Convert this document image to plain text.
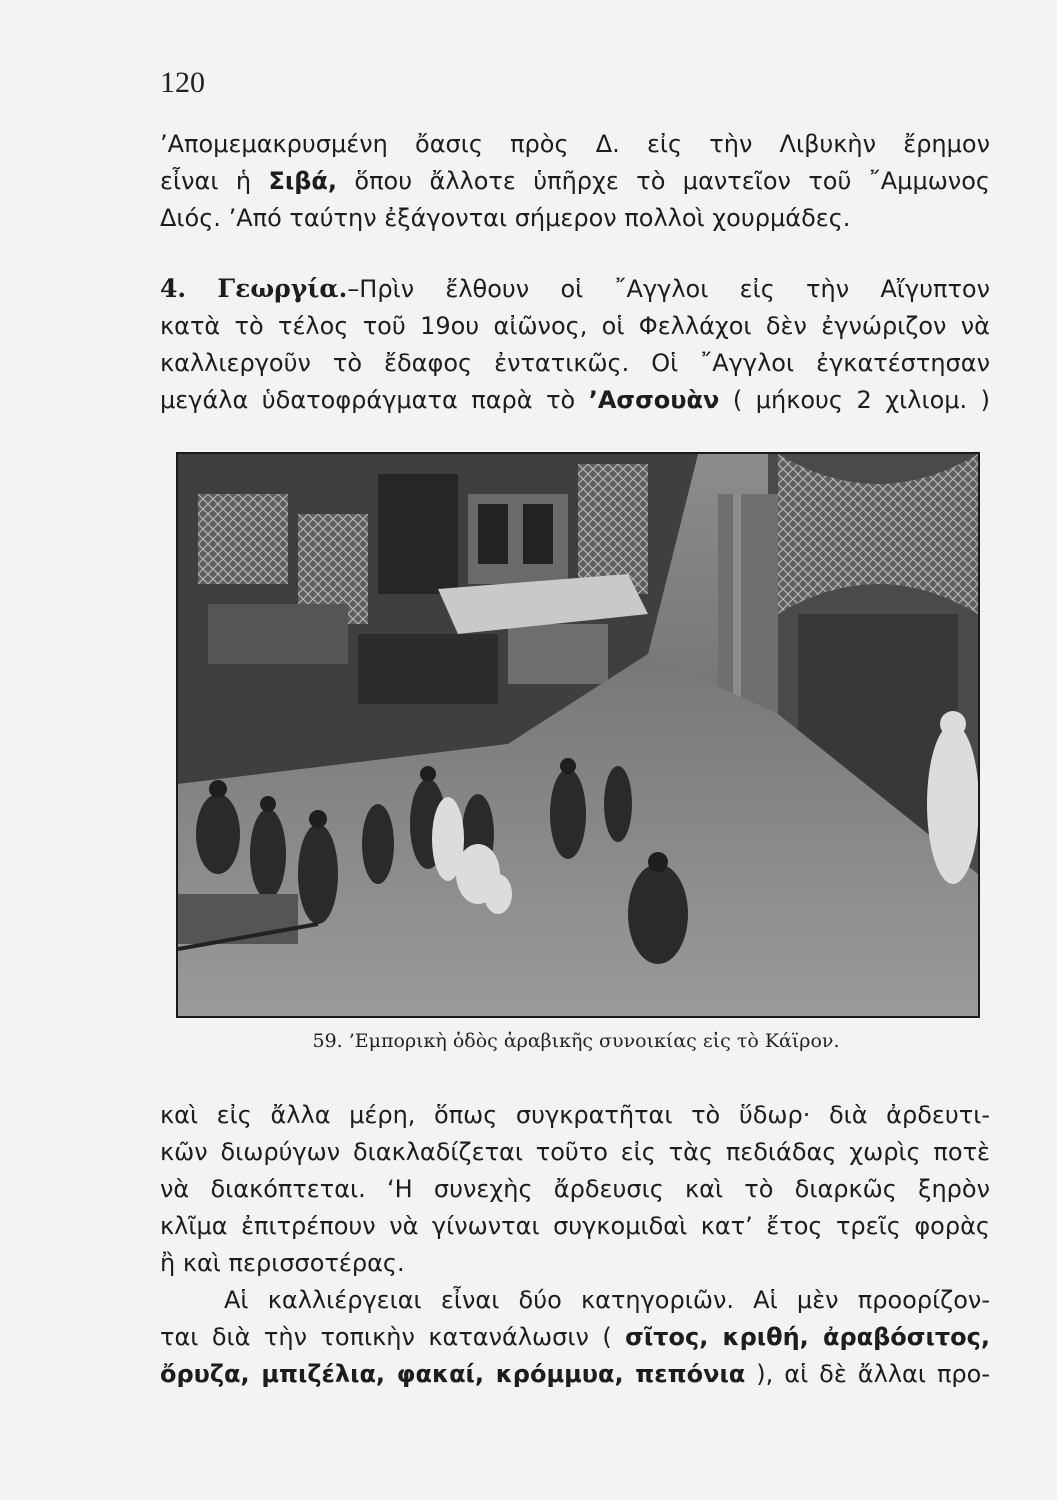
120
’Απομεμακρυσμένη ὄασις πρὸς Δ. εἰς τὴν Λιβυκὴν ἔρημον
εἶναι ἡ Σιβά, ὅπου ἄλλοτε ὑπῆρχε τὸ μαντεῖον τοῦ ῎Αμμωνος
Διός. ’Από ταύτην ἐξάγονται σήμερον πολλοὶ χουρμάδες.
4. Γεωργία.–Πρὶν ἔλθουν οἱ ῎Αγγλοι εἰς τὴν Αἴγυπτον
κατὰ τὸ τέλος τοῦ 19ου αἰῶνος, οἱ Φελλάχοι δὲν ἐγνώριζον νὰ
καλλιεργοῦν τὸ ἔδαφος ἐντατικῶς. Οἱ ῎Αγγλοι ἐγκατέστησαν
μεγάλα ὑδατοφράγματα παρὰ τὸ ’Ασσουὰν ( μήκους 2 χιλιομ. )
59. ’Εμπορικὴ ὁδὸς ἀραβικῆς συνοικίας εἰς τὸ Κάϊρον.
καὶ εἰς ἄλλα μέρη, ὅπως συγκρατῆται τὸ ὕδωρ· διὰ ἀρδευτι-
κῶν διωρύγων διακλαδίζεται τοῦτο εἰς τὰς πεδιάδας χωρὶς ποτὲ
νὰ διακόπτεται. ‘Η συνεχὴς ἄρδευσις καὶ τὸ διαρκῶς ξηρὸν
κλῖμα ἐπιτρέπουν νὰ γίνωνται συγκομιδαὶ κατ’ ἔτος τρεῖς φορὰς
ἢ καὶ περισσοτέρας.
Αἱ καλλιέργειαι εἶναι δύο κατηγοριῶν. Αἱ μὲν προορίζον-
ται διὰ τὴν τοπικὴν κατανάλωσιν ( σῖτος, κριθή, ἀραβόσιτος,
ὄρυζα, μπιζέλια, φακαί, κρόμμυα, πεπόνια ), αἱ δὲ ἄλλαι προ-
